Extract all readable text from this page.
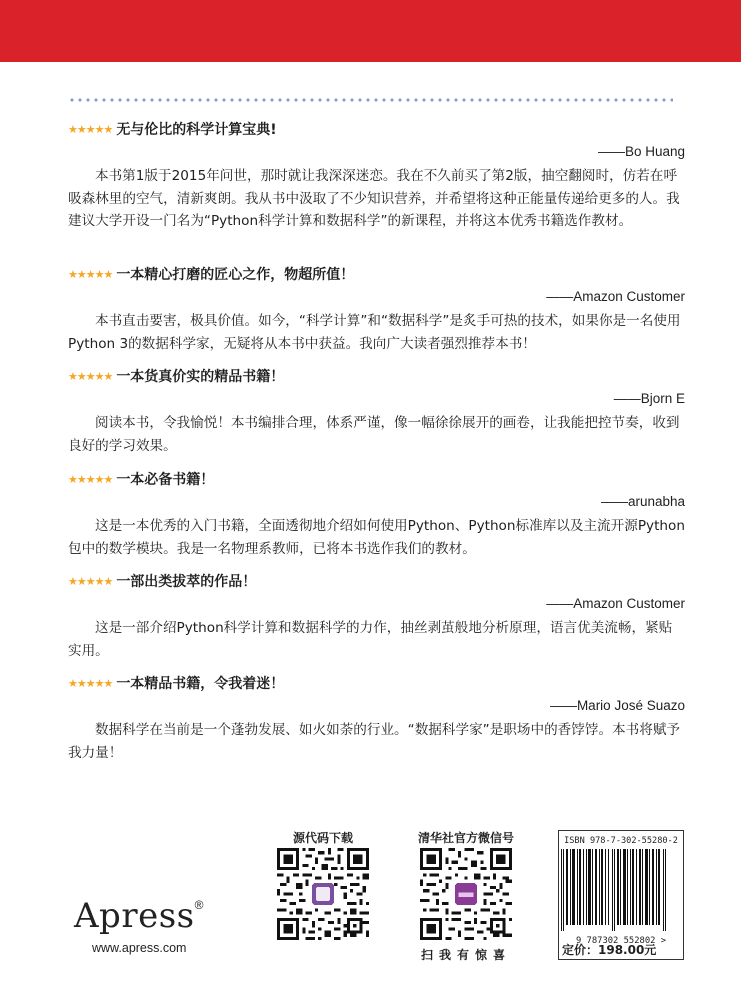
★★★★★ 无与伦比的科学计算宝典!
——Bo Huang
本书第1版于2015年问世，那时就让我深深迷恋。我在不久前买了第2版，抽空翻阅时，仿若在呼吸森林里的空气，清新爽朗。我从书中汲取了不少知识营养，并希望将这种正能量传递给更多的人。我建议大学开设一门名为“Python科学计算和数据科学”的新课程，并将这本优秀书籍选作教材。
★★★★★ 一本精心打磨的匠心之作，物超所值！
——Amazon Customer
本书直击要害，极具价值。如今，“科学计算”和“数据科学”是炙手可热的技术，如果你是一名使用Python 3的数据科学家，无疑将从本书中获益。我向广大读者强烈推荐本书！
★★★★★ 一本货真价实的精品书籍！
——Bjorn E
阅读本书，令我愉悦！本书编排合理，体系严谨，像一幅徐徐展开的画卷，让我能把控节奏，收到良好的学习效果。
★★★★★ 一本必备书籍！
——arunabha
这是一本优秀的入门书籍，全面透彻地介绍如何使用Python、Python标准库以及主流开源Python包中的数学模块。我是一名物理系教师，已将本书选作我们的教材。
★★★★★ 一部出类拔萃的作品！
——Amazon Customer
这是一部介绍Python科学计算和数据科学的力作，抽丝剥茧般地分析原理，语言优美流畅，紧贴实用。
★★★★★ 一本精品书籍，令我着迷！
——Mario José Suazo
数据科学在当前是一个蓬勃发展、如火如荼的行业。“数据科学家”是职场中的香饽饽。本书将赋予我力量！
Apress®
www.apress.com
源代码下载	清华社官方微信号
扫我有惊喜
ISBN 978-7-302-55280-2
9 787302 552802 >
定价：198.00元
